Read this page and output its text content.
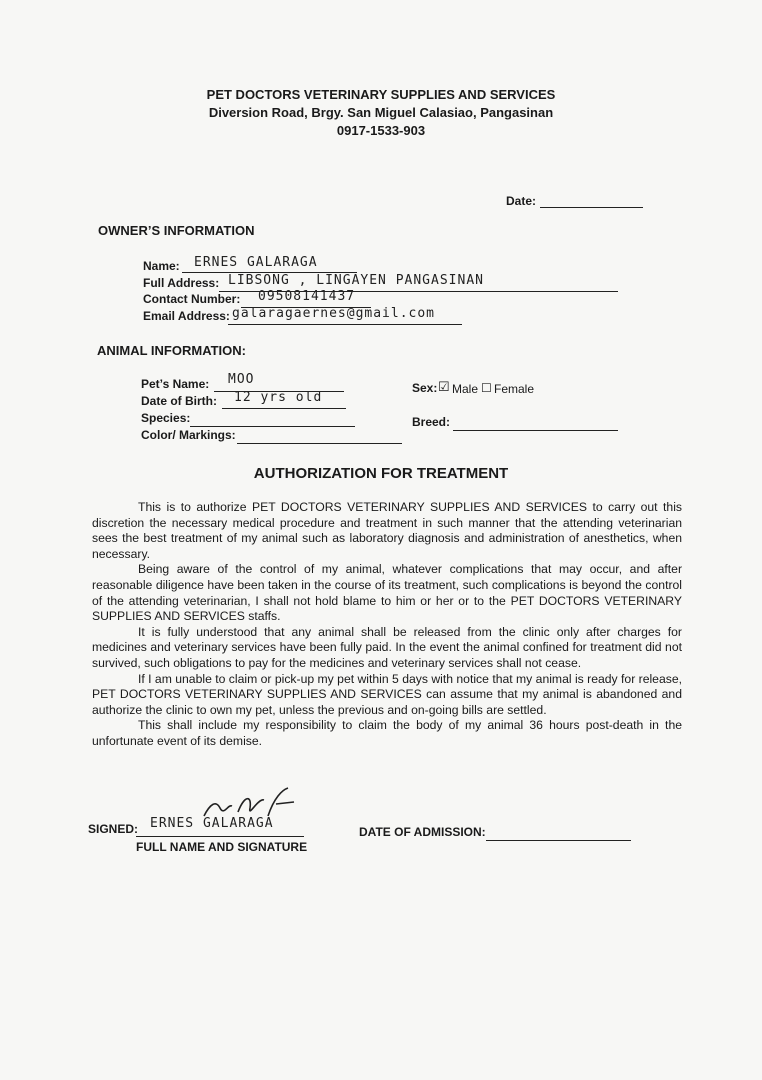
PET DOCTORS VETERINARY SUPPLIES AND SERVICES
Diversion Road, Brgy. San Miguel Calasiao, Pangasinan
0917-1533-903
Date:
OWNER’S INFORMATION
Name: ERNES GALARAGA
Full Address: LIBSONG , LINGAYEN PANGASINAN
Contact Number: 09508141437
Email Address: galaragaernes@gmail.com
ANIMAL INFORMATION:
Pet’s Name: MOO
Date of Birth: 12 yrs old
Species:
Color/ Markings:
Sex: ☑ Male ☐ Female
Breed:
AUTHORIZATION FOR TREATMENT

This is to authorize PET DOCTORS VETERINARY SUPPLIES AND SERVICES to carry out this discretion the necessary medical procedure and treatment in such manner that the attending veterinarian sees the best treatment of my animal such as laboratory diagnosis and administration of anesthetics, when necessary.

Being aware of the control of my animal, whatever complications that may occur, and after reasonable diligence have been taken in the course of its treatment, such complications is beyond the control of the attending veterinarian, I shall not hold blame to him or her or to the PET DOCTORS VETERINARY SUPPLIES AND SERVICES staffs.

It is fully understood that any animal shall be released from the clinic only after charges for medicines and veterinary services have been fully paid. In the event the animal confined for treatment did not survived, such obligations to pay for the medicines and veterinary services shall not cease.

If I am unable to claim or pick-up my pet within 5 days with notice that my animal is ready for release, PET DOCTORS VETERINARY SUPPLIES AND SERVICES can assume that my animal is abandoned and authorize the clinic to own my pet, unless the previous and on-going bills are settled.

This shall include my responsibility to claim the body of my animal 36 hours post-death in the unfortunate event of its demise.

SIGNED: ERNES GALARAGA
FULL NAME AND SIGNATURE
DATE OF ADMISSION:
